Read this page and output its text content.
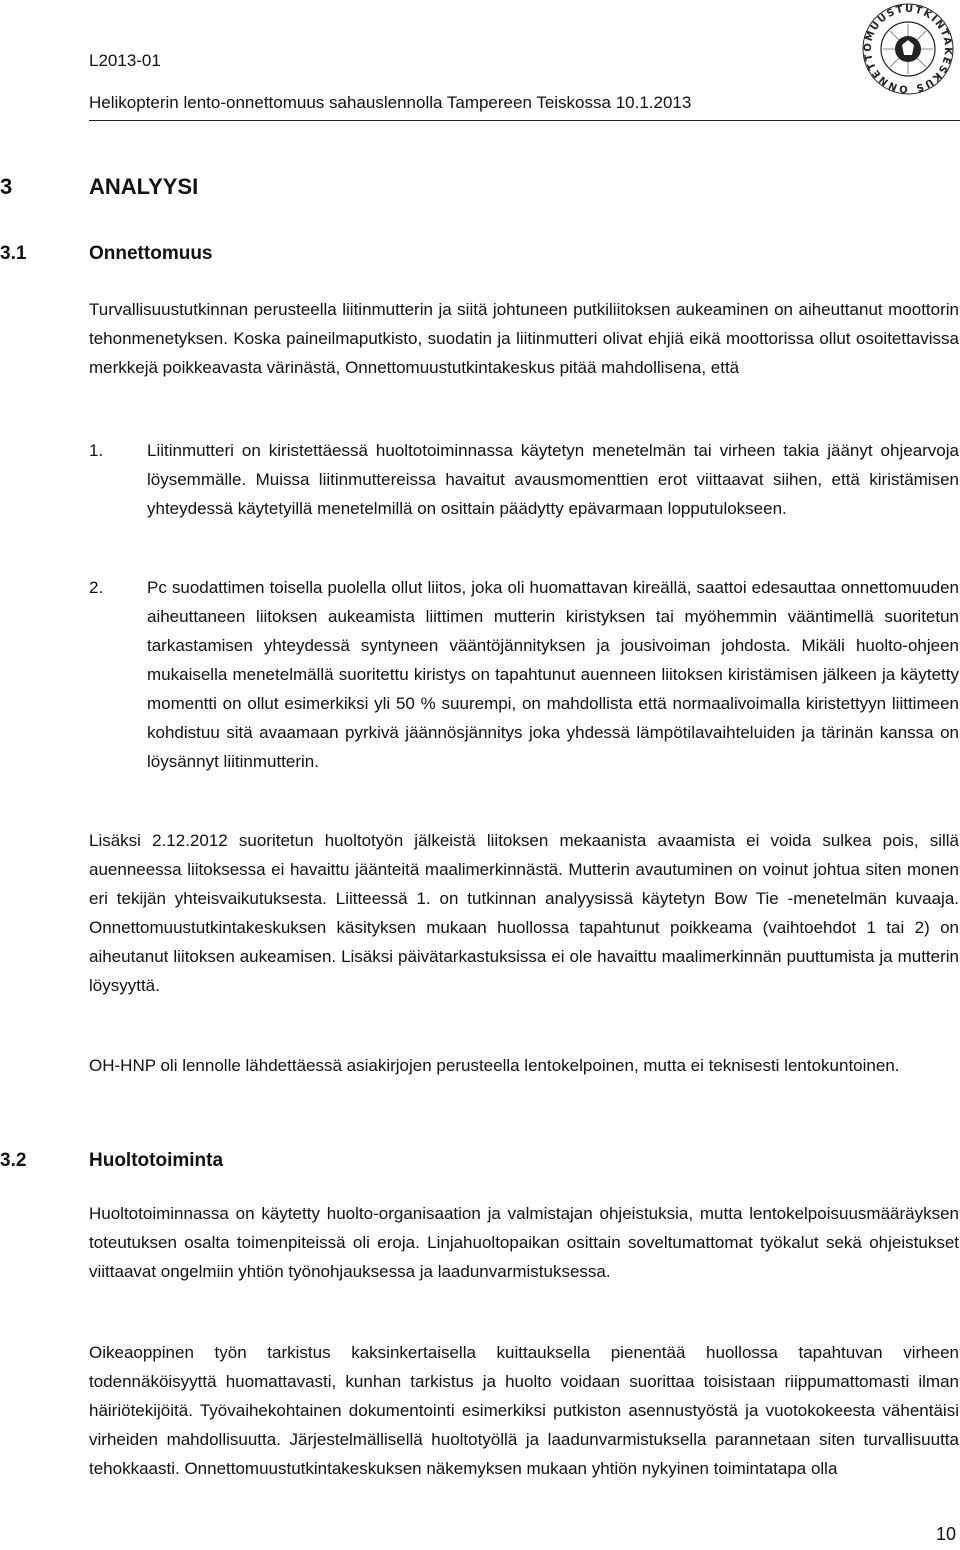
L2013-01
Helikopterin lento-onnettomuus sahauslennolla Tampereen Teiskossa 10.1.2013
ONNETTOMUUSTUTKINTAKESKUS
3	ANALYYSI
3.1	Onnettomuus

Turvallisuustutkinnan perusteella liitinmutterin ja siitä johtuneen putkiliitoksen aukeaminen on aiheuttanut moottorin tehonmenetyksen. Koska paineilmaputkisto, suodatin ja liitinmutteri olivat ehjiä eikä moottorissa ollut osoitettavissa merkkejä poikkeavasta värinästä, Onnettomuustutkintakeskus pitää mahdollisena, että

1.	Liitinmutteri on kiristettäessä huoltotoiminnassa käytetyn menetelmän tai virheen takia jäänyt ohjearvoja löysemmälle. Muissa liitinmuttereissa havaitut avausmomenttien erot viittaavat siihen, että kiristämisen yhteydessä käytetyillä menetelmillä on osittain päädytty epävarmaan lopputulokseen.
2.	Pc suodattimen toisella puolella ollut liitos, joka oli huomattavan kireällä, saattoi edesauttaa onnettomuuden aiheuttaneen liitoksen aukeamista liittimen mutterin kiristyksen tai myöhemmin vääntimellä suoritetun tarkastamisen yhteydessä syntyneen vääntöjännityksen ja jousivoiman johdosta. Mikäli huolto-ohjeen mukaisella menetelmällä suoritettu kiristys on tapahtunut auenneen liitoksen kiristämisen jälkeen ja käytetty momentti on ollut esimerkiksi yli 50 % suurempi, on mahdollista että normaalivoimalla kiristettyyn liittimeen kohdistuu sitä avaamaan pyrkivä jäännösjännitys joka yhdessä lämpötilavaihteluiden ja tärinän kanssa on löysännyt liitinmutterin.

Lisäksi 2.12.2012 suoritetun huoltotyön jälkeistä liitoksen mekaanista avaamista ei voida sulkea pois, sillä auenneessa liitoksessa ei havaittu jäänteitä maalimerkinnästä. Mutterin avautuminen on voinut johtua siten monen eri tekijän yhteisvaikutuksesta. Liitteessä 1. on tutkinnan analyysissä käytetyn Bow Tie -menetelmän kuvaaja. Onnettomuustutkintakeskuksen käsityksen mukaan huollossa tapahtunut poikkeama (vaihtoehdot 1 tai 2) on aiheutanut liitoksen aukeamisen. Lisäksi päivätarkastuksissa ei ole havaittu maalimerkinnän puuttumista ja mutterin löysyyttä.

OH-HNP oli lennolle lähdettäessä asiakirjojen perusteella lentokelpoinen, mutta ei teknisesti lentokuntoinen.

3.2	Huoltotoiminta

Huoltotoiminnassa on käytetty huolto-organisaation ja valmistajan ohjeistuksia, mutta lentokelpoisuusmääräyksen toteutuksen osalta toimenpiteissä oli eroja. Linjahuoltopaikan osittain soveltumattomat työkalut sekä ohjeistukset viittaavat ongelmiin yhtiön työnohjauksessa ja laadunvarmistuksessa.

Oikeaoppinen työn tarkistus kaksinkertaisella kuittauksella pienentää huollossa tapahtuvan virheen todennäköisyyttä huomattavasti, kunhan tarkistus ja huolto voidaan suorittaa toisistaan riippumattomasti ilman häiriötekijöitä. Työvaihekohtainen dokumentointi esimerkiksi putkiston asennustyöstä ja vuotokokeesta vähentäisi virheiden mahdollisuutta. Järjestelmällisellä huoltotyöllä ja laadunvarmistuksella parannetaan siten turvallisuutta tehokkaasti. Onnettomuustutkintakeskuksen näkemyksen mukaan yhtiön nykyinen toimintatapa olla

10
